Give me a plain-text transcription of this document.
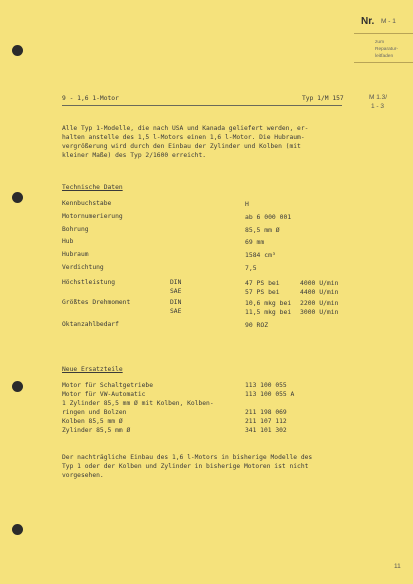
Nr. M - 1
zum
Reparatur-
leitfaden
9 - 1,6 1-Motor	Typ 1/M 157	M 1.3/
1 - 3
Alle Typ 1-Modelle, die nach USA und Kanada geliefert werden, er-
halten anstelle des 1,5 l-Motors einen 1,6 l-Motor. Die Hubraum-
vergrößerung wird durch den Einbau der Zylinder und Kolben (mit
kleiner Maße) des Typ 2/1600 erreicht.
Technische Daten
Kennbuchstabe	H
Motornumerierung	ab 6 000 001
Bohrung	85,5 mm Ø
Hub	69 mm
Hubraum	1584 cm³
Verdichtung	7,5
Höchstleistung	DIN	47 PS bei	4000 U/min
SAE	57 PS bei	4400 U/min
Größtes Drehmoment	DIN	10,6 mkg bei 2200 U/min
SAE	11,5 mkg bei 3000 U/min
Oktanzahlbedarf	90 ROZ
Neue Ersatzteile
Motor für Schaltgetriebe	113 100 055
Motor für VW-Automatic	113 100 055 A
1 Zylinder 85,5 mm Ø mit Kolben, Kolben-
ringen und Bolzen	211 198 069
Kolben 85,5 mm Ø	211 107 112
Zylinder 85,5 mm Ø	341 101 302
Der nachträgliche Einbau des 1,6 l-Motors in bisherige Modelle des
Typ 1 oder der Kolben und Zylinder in bisherige Motoren ist nicht
vorgesehen.
11
